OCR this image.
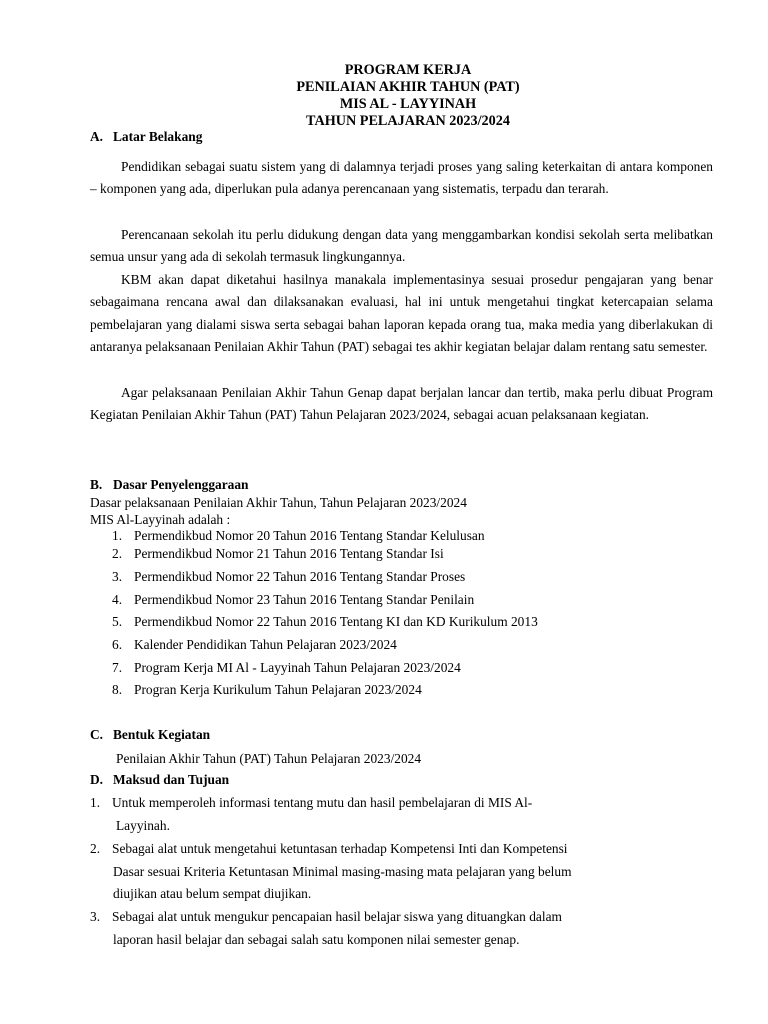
PROGRAM KERJA
PENILAIAN AKHIR TAHUN (PAT)
MIS AL - LAYYINAH
TAHUN PELAJARAN 2023/2024
A. Latar Belakang
Pendidikan sebagai suatu sistem yang di dalamnya terjadi proses yang saling keterkaitan di antara komponen – komponen yang ada, diperlukan pula adanya perencanaan yang sistematis, terpadu dan terarah.
Perencanaan sekolah itu perlu didukung dengan data yang menggambarkan kondisi sekolah serta melibatkan semua unsur yang ada di sekolah termasuk lingkungannya.
KBM akan dapat diketahui hasilnya manakala implementasinya sesuai prosedur pengajaran yang benar sebagaimana rencana awal dan dilaksanakan evaluasi, hal ini untuk mengetahui tingkat ketercapaian selama pembelajaran yang dialami siswa serta sebagai bahan laporan kepada orang tua, maka media yang diberlakukan di antaranya pelaksanaan Penilaian Akhir Tahun (PAT) sebagai tes akhir kegiatan belajar dalam rentang satu semester.
Agar pelaksanaan Penilaian Akhir Tahun Genap dapat berjalan lancar dan tertib, maka perlu dibuat Program Kegiatan Penilaian Akhir Tahun (PAT) Tahun Pelajaran 2023/2024, sebagai acuan pelaksanaan kegiatan.
B. Dasar Penyelenggaraan
Dasar pelaksanaan Penilaian Akhir Tahun, Tahun Pelajaran 2023/2024
MIS Al-Layyinah adalah :
1. Permendikbud Nomor 20 Tahun 2016 Tentang Standar Kelulusan
2. Permendikbud Nomor 21 Tahun 2016 Tentang Standar Isi
3. Permendikbud Nomor 22 Tahun 2016 Tentang Standar Proses
4. Permendikbud Nomor 23 Tahun 2016 Tentang Standar Penilain
5. Permendikbud Nomor 22 Tahun 2016 Tentang KI dan KD Kurikulum 2013
6. Kalender Pendidikan Tahun Pelajaran 2023/2024
7. Program Kerja MI Al - Layyinah Tahun Pelajaran 2023/2024
8. Progran Kerja Kurikulum Tahun Pelajaran 2023/2024
C. Bentuk Kegiatan
Penilaian Akhir Tahun (PAT) Tahun Pelajaran 2023/2024
D. Maksud dan Tujuan
1. Untuk memperoleh informasi tentang mutu dan hasil pembelajaran di MIS Al-
Layyinah.
2. Sebagai alat untuk mengetahui ketuntasan terhadap Kompetensi Inti dan Kompetensi
Dasar sesuai Kriteria Ketuntasan Minimal masing-masing mata pelajaran yang belum
diujikan atau belum sempat diujikan.
3. Sebagai alat untuk mengukur pencapaian hasil belajar siswa yang dituangkan dalam
laporan hasil belajar dan sebagai salah satu komponen nilai semester genap.
